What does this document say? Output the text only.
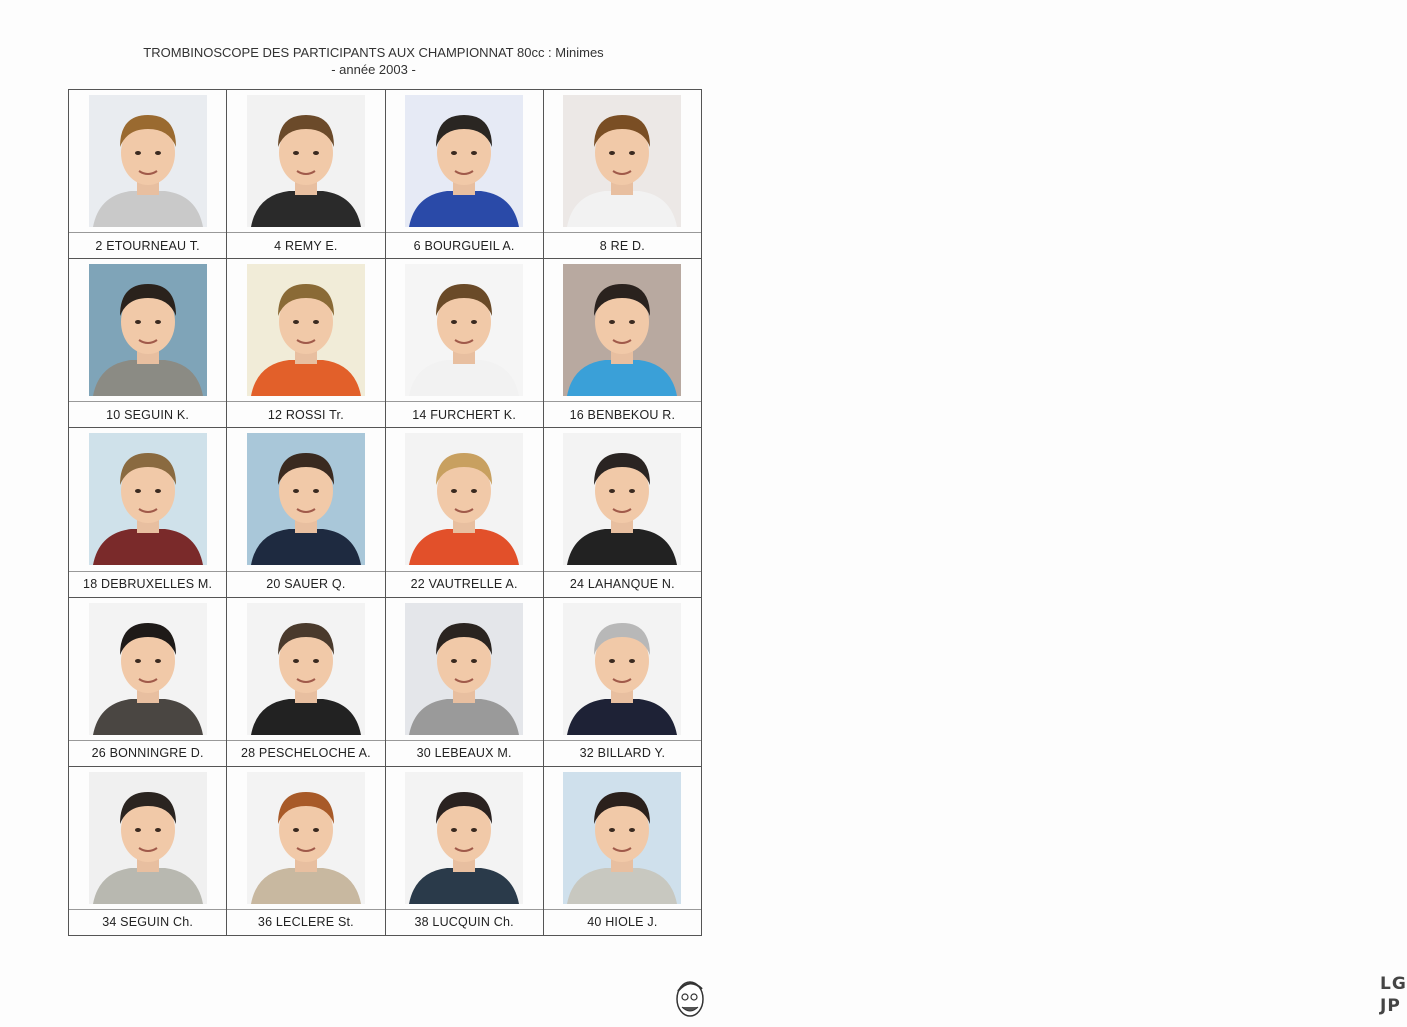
TROMBINOSCOPE DES PARTICIPANTS AUX CHAMPIONNAT 80cc : Minimes
- année 2003 -
2 ETOURNEAU T.	4 REMY E.	6 BOURGUEIL A.	8 RE D.
10 SEGUIN K.	12 ROSSI Tr.	14 FURCHERT K.	16 BENBEKOU R.
18 DEBRUXELLES M.	20 SAUER Q.	22 VAUTRELLE A.	24 LAHANQUE N.
26 BONNINGRE D.	28 PESCHELOCHE A.	30 LEBEAUX M.	32 BILLARD Y.
34 SEGUIN Ch.	36 LECLERE St.	38 LUCQUIN Ch.	40 HIOLE J.
LG
JP
